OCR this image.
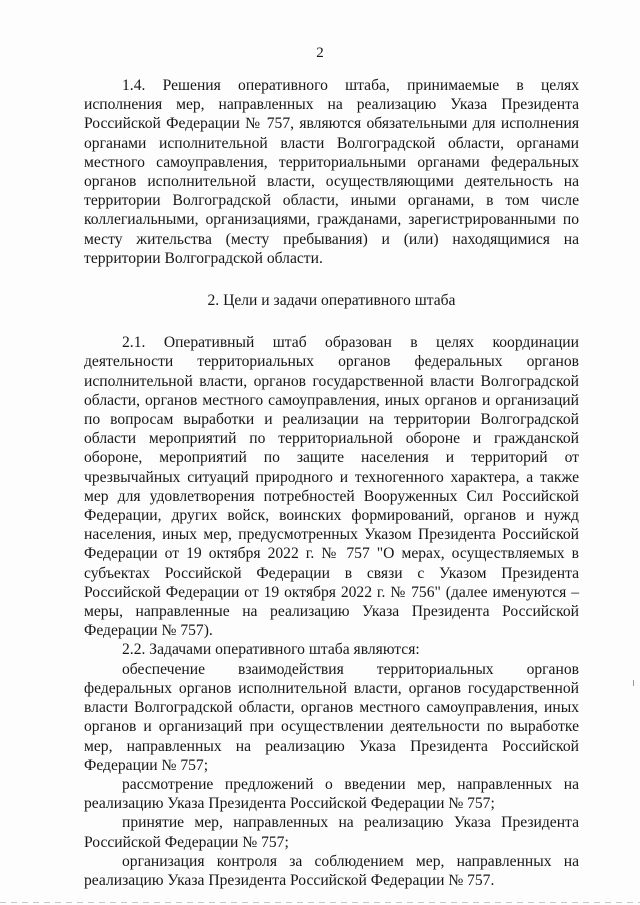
2

1.4. Решения оперативного штаба, принимаемые в целях исполнения мер, направленных на реализацию Указа Президента Российской Федерации № 757, являются обязательными для исполнения органами исполнительной власти Волгоградской области, органами местного самоуправления, территориальными органами федеральных органов исполнительной власти, осуществляющими деятельность на территории Волгоградской области, иными органами, в том числе коллегиальными, организациями, гражданами, зарегистрированными по месту жительства (месту пребывания) и (или) находящимися на территории Волгоградской области.

2. Цели и задачи оперативного штаба

2.1. Оперативный штаб образован в целях координации деятельности территориальных органов федеральных органов исполнительной власти, органов государственной власти Волгоградской области, органов местного самоуправления, иных органов и организаций по вопросам выработки и реализации на территории Волгоградской области мероприятий по территориальной обороне и гражданской обороне, мероприятий по защите населения и территорий от чрезвычайных ситуаций природного и техногенного характера, а также мер для удовлетворения потребностей Вооруженных Сил Российской Федерации, других войск, воинских формирований, органов и нужд населения, иных мер, предусмотренных Указом Президента Российской Федерации от 19 октября 2022 г. № 757 "О мерах, осуществляемых в субъектах Российской Федерации в связи с Указом Президента Российской Федерации от 19 октября 2022 г. № 756" (далее именуются – меры, направленные на реализацию Указа Президента Российской Федерации № 757).

2.2. Задачами оперативного штаба являются:

обеспечение взаимодействия территориальных органов федеральных органов исполнительной власти, органов государственной власти Волгоградской области, органов местного самоуправления, иных органов и организаций при осуществлении деятельности по выработке мер, направленных на реализацию Указа Президента Российской Федерации № 757;

рассмотрение предложений о введении мер, направленных на реализацию Указа Президента Российской Федерации № 757;

принятие мер, направленных на реализацию Указа Президента Российской Федерации № 757;

организация контроля за соблюдением мер, направленных на реализацию Указа Президента Российской Федерации № 757.
